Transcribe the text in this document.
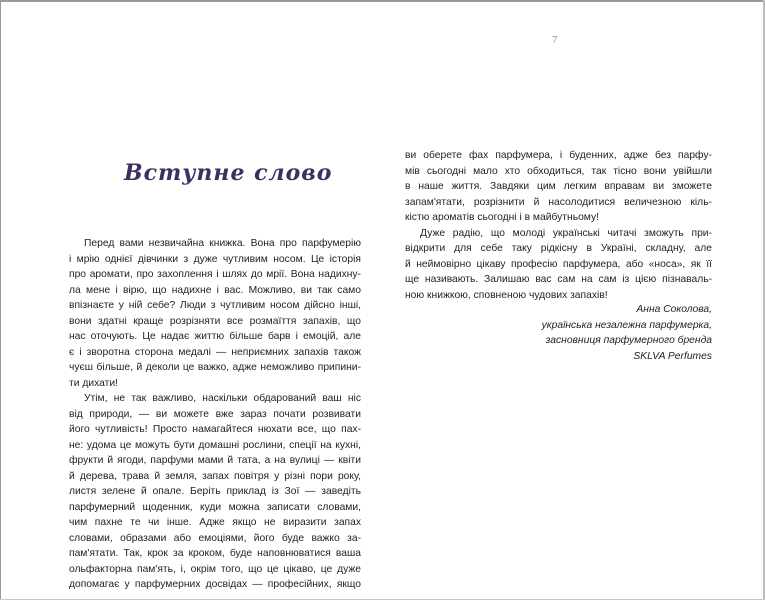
7
Вступне слово
Перед вами незвичайна книжка. Вона про парфумерію
і мрію однієї дівчинки з дуже чутливим носом. Це історія
про аромати, про захоплення і шлях до мрії. Вона надихну-
ла мене і вірю, що надихне і вас. Можливо, ви так само
впізнаєте у ній себе? Люди з чутливим носом дійсно інші,
вони здатні краще розрізняти все розмаїття запахів, що
нас оточують. Це надає життю більше барв і емоцій, але
є і зворотна сторона медалі — неприємних запахів також
чуєш більше, й деколи це важко, адже неможливо припини-
ти дихати!
Утім, не так важливо, наскільки обдарований ваш ніс
від природи, — ви можете вже зараз почати розвивати
його чутливість! Просто намагайтеся нюхати все, що пах-
не: удома це можуть бути домашні рослини, спеції на кухні,
фрукти й ягоди, парфуми мами й тата, а на вулиці — квіти
й дерева, трава й земля, запах повітря у різні пори року,
листя зелене й опале. Беріть приклад із Зої — заведіть
парфумерний щоденник, куди можна записати словами,
чим пахне те чи інше. Адже якщо не виразити запах
словами, образами або емоціями, його буде важко за-
пам'ятати. Так, крок за кроком, буде наповнюватися ваша
ольфакторна пам'ять, і, окрім того, що це цікаво, це дуже
допомагає у парфумерних досвідах — професійних, якщо
ви оберете фах парфумера, і буденних, адже без парфу-
мів сьогодні мало хто обходиться, так тісно вони увійшли
в наше життя. Завдяки цим легким вправам ви зможете
запам'ятати, розрізнити й насолодитися величезною кіль-
кістю ароматів сьогодні і в майбутньому!
Дуже радію, що молоді українські читачі зможуть при-
відкрити для себе таку рідкісну в Україні, складну, але
й неймовірно цікаву професію парфумера, або «носа», як її
ще називають. Залишаю вас сам на сам із цією пізнаваль-
ною книжкою, сповненою чудових запахів!
Анна Соколова,
українська незалежна парфумерка,
засновниця парфумерного бренда
SKLVA Perfumes
